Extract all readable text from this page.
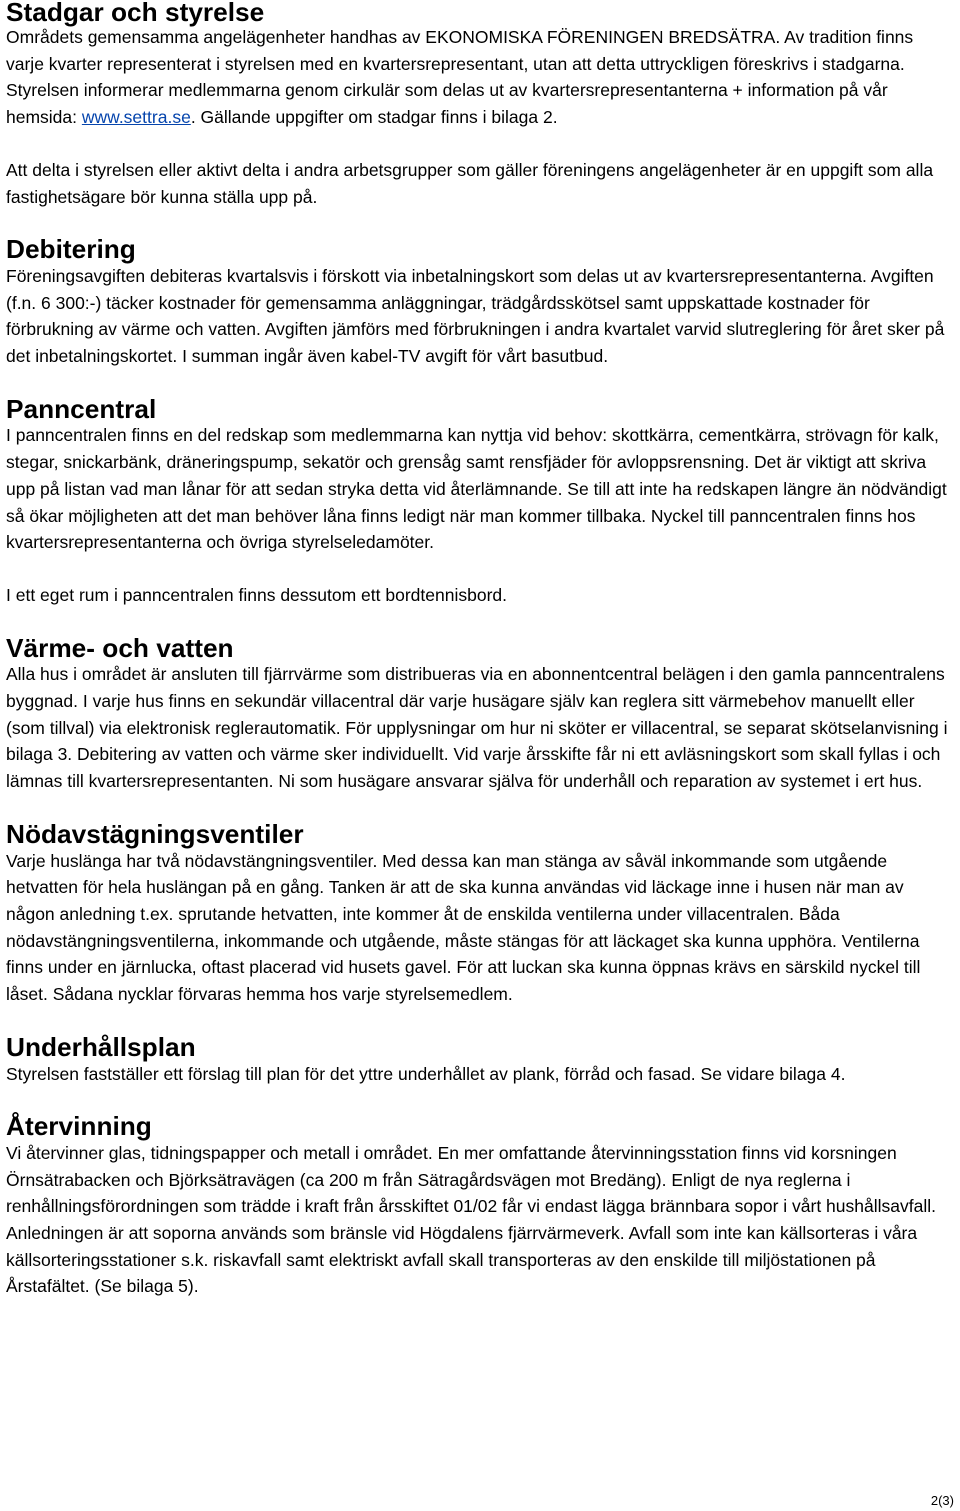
Stadgar och styrelse

Områdets gemensamma angelägenheter handhas av EKONOMISKA FÖRENINGEN BREDSÄTRA. Av tradition finns varje kvarter representerat i styrelsen med en kvartersrepresentant, utan att detta uttryckligen föreskrivs i stadgarna. Styrelsen informerar medlemmarna genom cirkulär som delas ut av kvartersrepresentanterna + information på vår hemsida: www.settra.se. Gällande uppgifter om stadgar finns i bilaga 2.

Att delta i styrelsen eller aktivt delta i andra arbetsgrupper som gäller föreningens angelägenheter är en uppgift som alla fastighetsägare bör kunna ställa upp på.

Debitering

Föreningsavgiften debiteras kvartalsvis i förskott via inbetalningskort som delas ut av kvartersrepresentanterna. Avgiften (f.n. 6 300:-) täcker kostnader för gemensamma anläggningar, trädgårdsskötsel samt uppskattade kostnader för förbrukning av värme och vatten. Avgiften jämförs med förbrukningen i andra kvartalet varvid slutreglering för året sker på det inbetalningskortet. I summan ingår även kabel-TV avgift för vårt basutbud.

Panncentral

I panncentralen finns en del redskap som medlemmarna kan nyttja vid behov: skottkärra, cementkärra, strövagn för kalk, stegar, snickarbänk, dräneringspump, sekatör och grensåg samt rensfjäder för avloppsrensning. Det är viktigt att skriva upp på listan vad man lånar för att sedan stryka detta vid återlämnande. Se till att inte ha redskapen längre än nödvändigt så ökar möjligheten att det man behöver låna finns ledigt när man kommer tillbaka. Nyckel till panncentralen finns hos kvartersrepresentanterna och övriga styrelseledamöter.

I ett eget rum i panncentralen finns dessutom ett bordtennisbord.

Värme- och vatten

Alla hus i området är ansluten till fjärrvärme som distribueras via en abonnentcentral belägen i den gamla panncentralens byggnad. I varje hus finns en sekundär villacentral där varje husägare själv kan reglera sitt värmebehov manuellt eller (som tillval) via elektronisk reglerautomatik. För upplysningar om hur ni sköter er villacentral, se separat skötselanvisning i bilaga 3. Debitering av vatten och värme sker individuellt. Vid varje årsskifte får ni ett avläsningskort som skall fyllas i och lämnas till kvartersrepresentanten. Ni som husägare ansvarar själva för underhåll och reparation av systemet i ert hus.

Nödavstägningsventiler

Varje huslänga har två nödavstängningsventiler. Med dessa kan man stänga av såväl inkommande som utgående hetvatten för hela huslängan på en gång. Tanken är att de ska kunna användas vid läckage inne i husen när man av någon anledning t.ex. sprutande hetvatten, inte kommer åt de enskilda ventilerna under villacentralen. Båda nödavstängningsventilerna, inkommande och utgående, måste stängas för att läckaget ska kunna upphöra. Ventilerna finns under en järnlucka, oftast placerad vid husets gavel. För att luckan ska kunna öppnas krävs en särskild nyckel till låset. Sådana nycklar förvaras hemma hos varje styrelsemedlem.

Underhållsplan

Styrelsen fastställer ett förslag till plan för det yttre underhållet av plank, förråd och fasad. Se vidare bilaga 4.

Återvinning

Vi återvinner glas, tidningspapper och metall i området. En mer omfattande återvinningsstation finns vid korsningen Örnsätrabacken och Björksätravägen (ca 200 m från Sätragårdsvägen mot Bredäng). Enligt de nya reglerna i renhållningsförordningen som trädde i kraft från årsskiftet 01/02 får vi endast lägga brännbara sopor i vårt hushållsavfall. Anledningen är att soporna används som bränsle vid Högdalens fjärrvärmeverk. Avfall som inte kan källsorteras i våra källsorteringsstationer s.k. riskavfall samt elektriskt avfall skall transporteras av den enskilde till miljöstationen på Årstafältet. (Se bilaga 5).

2(3)
